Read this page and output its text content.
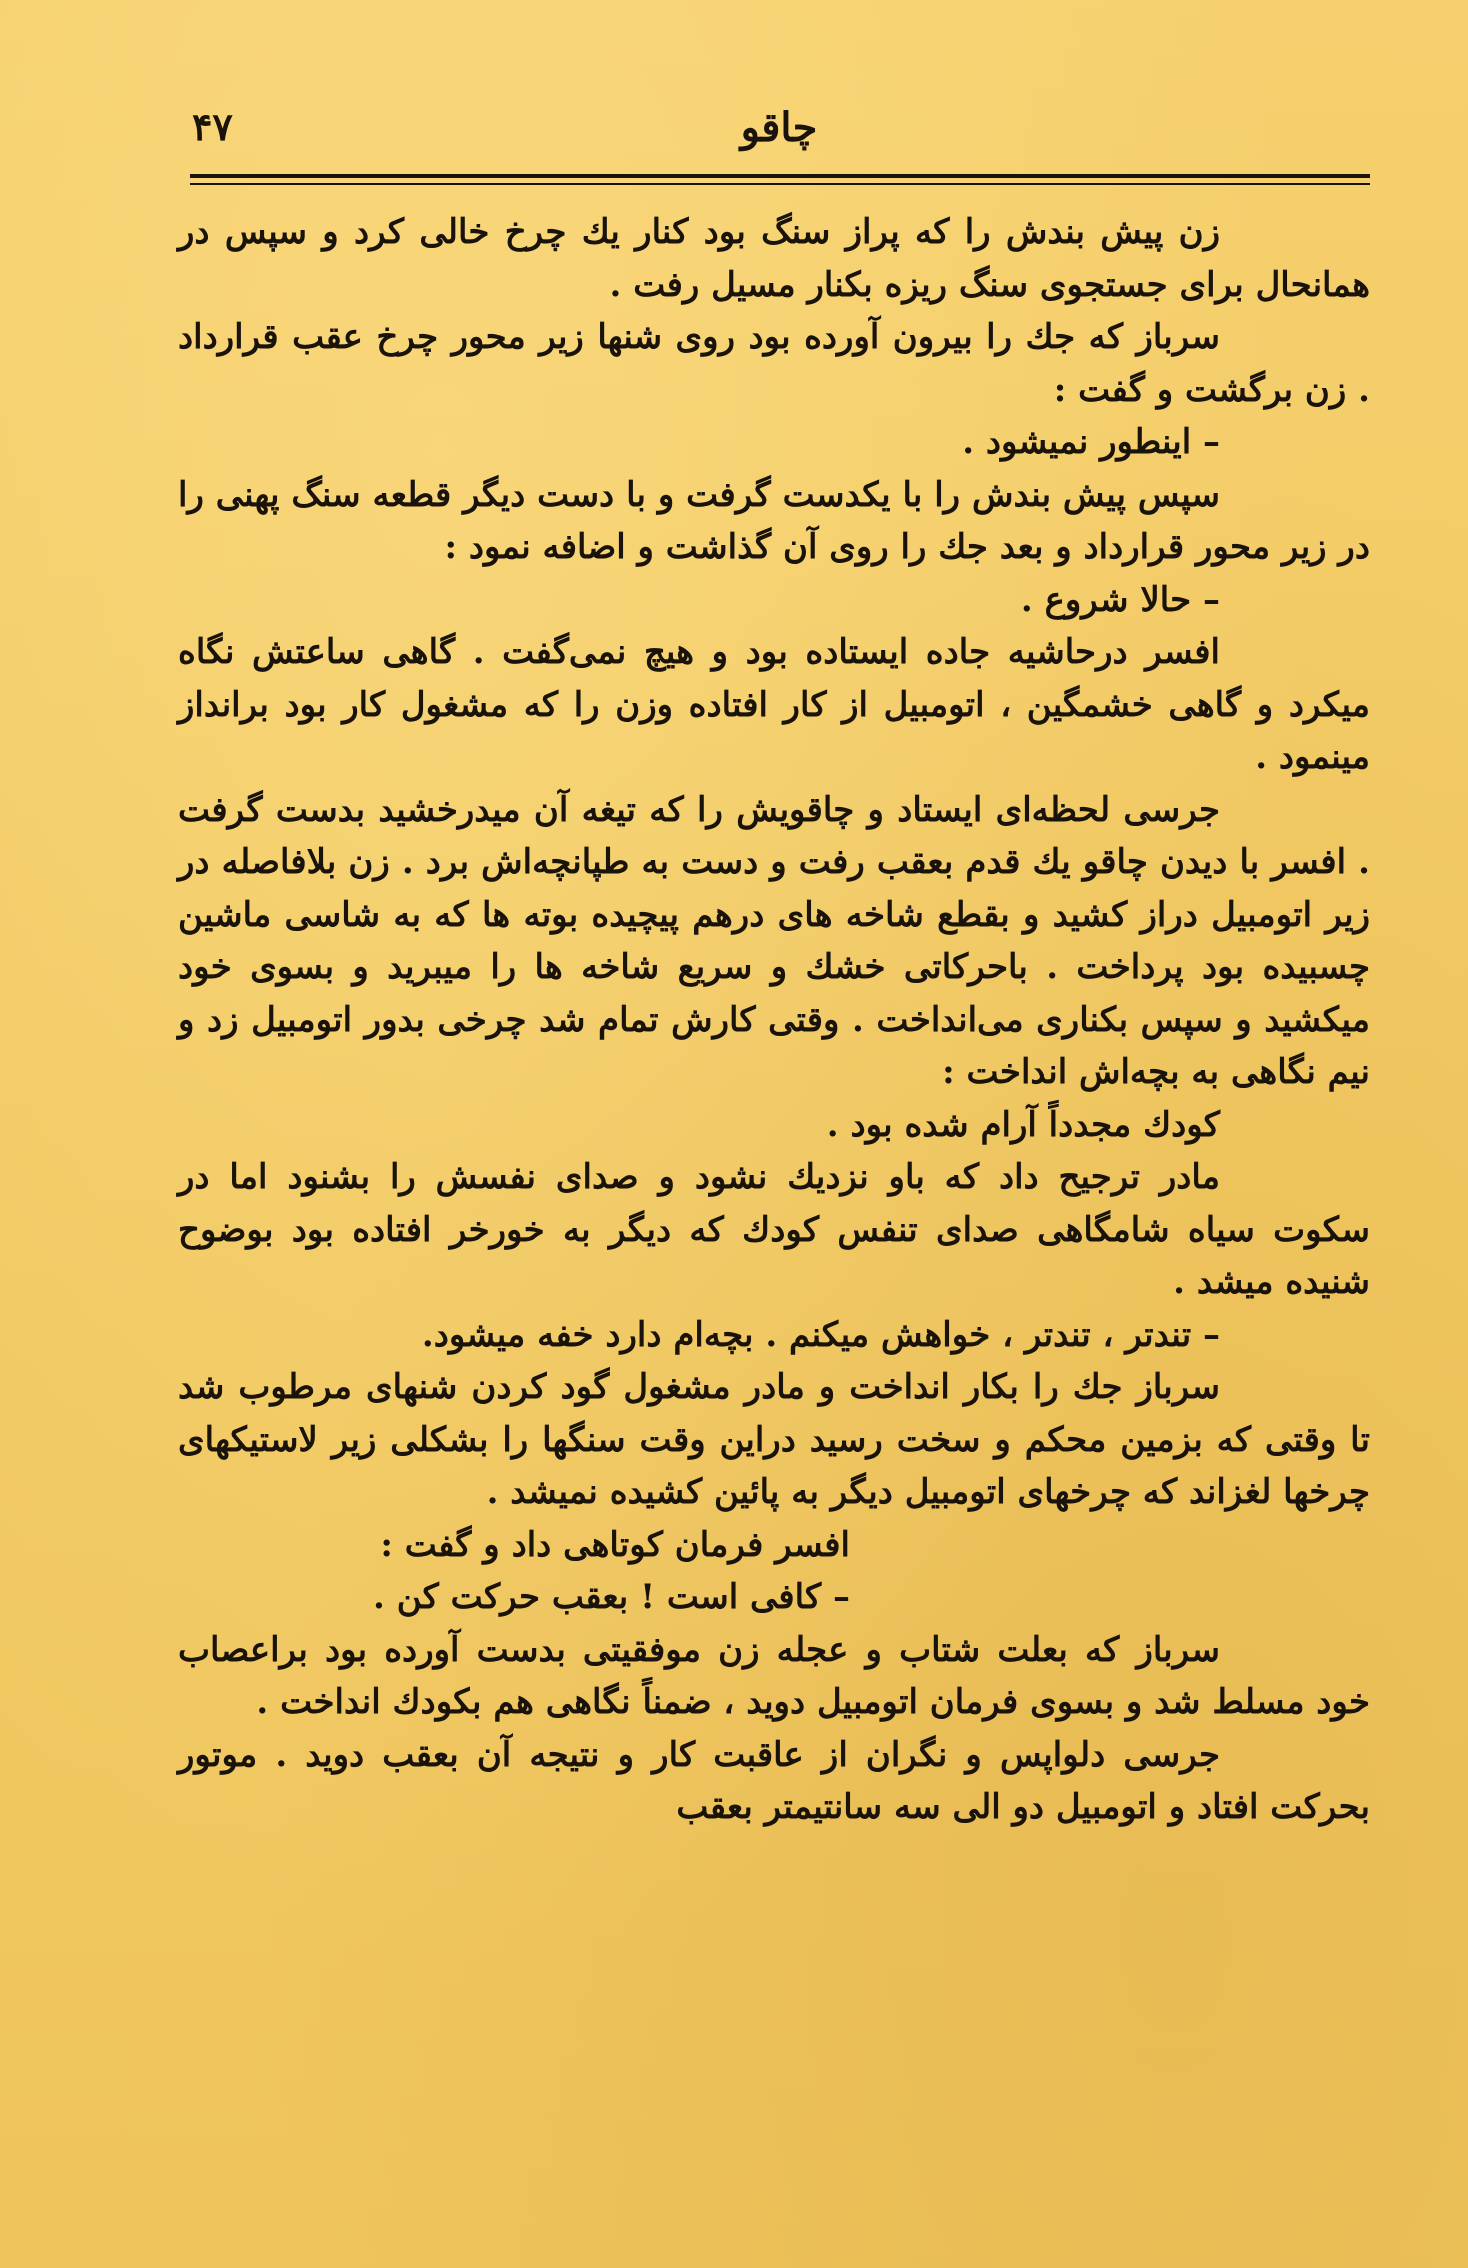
۴۷	چاقو

زن پیش بندش را که پراز سنگ بود کنار یك چرخ خالی کرد و سپس در همانحال برای جستجوی سنگ ریزه بکنار مسیل رفت .

سرباز که جك را بیرون آورده بود روی شنها زیر محور چرخ عقب قرارداد . زن برگشت و گفت :

– اینطور نمیشود .

سپس پیش بندش را با یکدست گرفت و با دست دیگر قطعه سنگ پهنی را در زیر محور قرارداد و بعد جك را روی آن گذاشت و اضافه نمود :

– حالا شروع .

افسر درحاشیه جاده ایستاده بود و هیچ نمی‌گفت . گاهی ساعتش نگاه میکرد و گاهی خشمگین ، اتومبیل از کار افتاده وزن را که مشغول کار بود برانداز مینمود .

جرسی لحظه‌ای ایستاد و چاقویش را که تیغه آن میدرخشید بدست گرفت . افسر با دیدن چاقو یك قدم بعقب رفت و دست به طپانچه‌اش برد . زن بلافاصله در زیر اتومبیل دراز کشید و بقطع شاخه های درهم پیچیده بوته ها که به شاسی ماشین چسبیده بود پرداخت . باحرکاتی خشك و سریع شاخه ها را میبرید و بسوی خود میکشید و سپس بکناری می‌انداخت . وقتی کارش تمام شد چرخی بدور اتومبیل زد و نیم نگاهی به بچه‌اش انداخت :

کودك مجدداً آرام شده بود .

مادر ترجیح داد که باو نزدیك نشود و صدای نفسش را بشنود اما در سکوت سیاه شامگاهی صدای تنفس کودك که دیگر به خورخر افتاده بود بوضوح شنیده میشد .

– تندتر ، تندتر ، خواهش میکنم . بچه‌ام دارد خفه میشود.

سرباز جك را بکار انداخت و مادر مشغول گود کردن شنهای مرطوب شد تا وقتی که بزمین محکم و سخت رسید دراین وقت سنگها را بشکلی زیر لاستیکهای چرخها لغزاند که چرخهای اتومبیل دیگر به پائین کشیده نمیشد .

افسر فرمان کوتاهی داد و گفت :

– کافی است ! بعقب حرکت کن .

سرباز که بعلت شتاب و عجله زن موفقیتی بدست آورده بود براعصاب خود مسلط شد و بسوی فرمان اتومبیل دوید ، ضمناً نگاهی هم بکودك انداخت .

جرسی دلواپس و نگران از عاقبت کار و نتیجه آن بعقب دوید . موتور بحرکت افتاد و اتومبیل دو الی سه سانتیمتر بعقب
